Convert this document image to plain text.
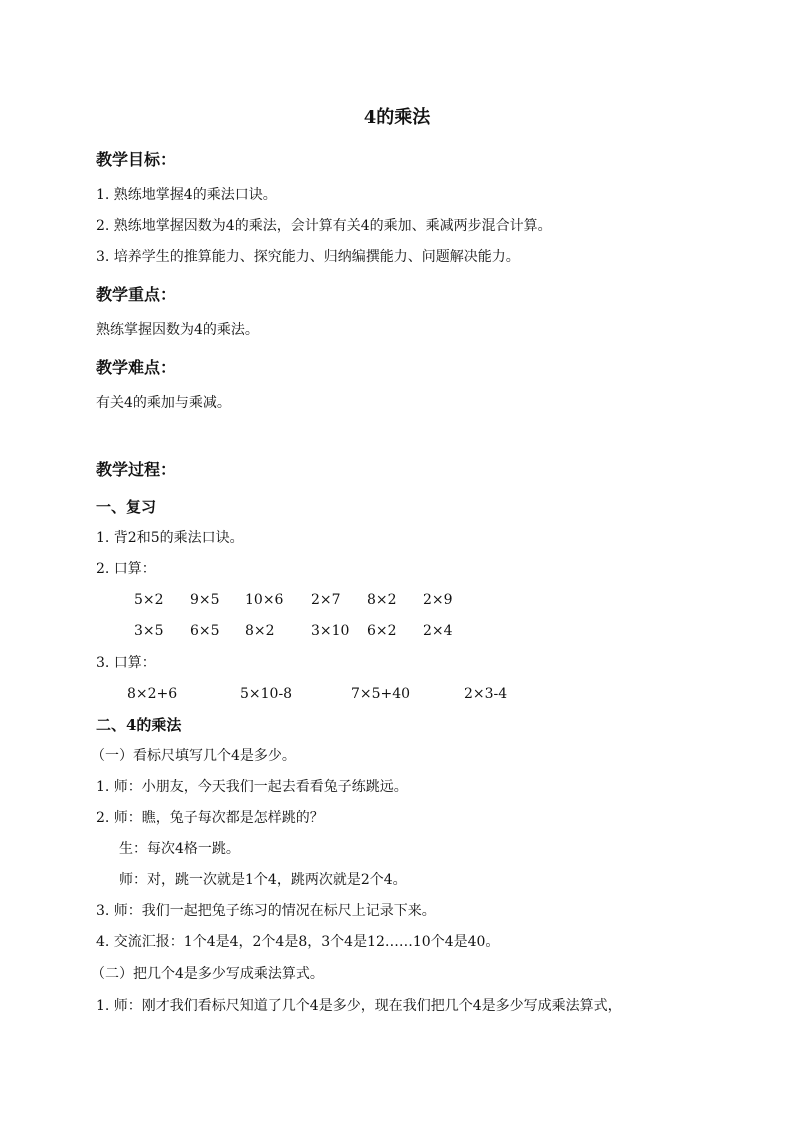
4的乘法
教学目标：
1. 熟练地掌握4的乘法口诀。
2. 熟练地掌握因数为4的乘法，会计算有关4的乘加、乘减两步混合计算。
3. 培养学生的推算能力、探究能力、归纳编撰能力、问题解决能力。
教学重点：
熟练掌握因数为4的乘法。
教学难点：
有关4的乘加与乘减。
教学过程：
一、复习
1. 背2和5的乘法口诀。
2. 口算：
5×2 9×5 10×6 2×7 8×2 2×9
3×5 6×5 8×2	3×10 6×2 2×4
3. 口算：
8×2+6	5×10-8	7×5+40	2×3-4
二、4的乘法
（一）看标尺填写几个4是多少。
1. 师：小朋友，今天我们一起去看看兔子练跳远。
2. 师：瞧，兔子每次都是怎样跳的？
生：每次4格一跳。
师：对，跳一次就是1个4，跳两次就是2个4。
3. 师：我们一起把兔子练习的情况在标尺上记录下来。
4. 交流汇报：1个4是4，2个4是8，3个4是12……10个4是40。
（二）把几个4是多少写成乘法算式。
1. 师：刚才我们看标尺知道了几个4是多少，现在我们把几个4是多少写成乘法算式，
